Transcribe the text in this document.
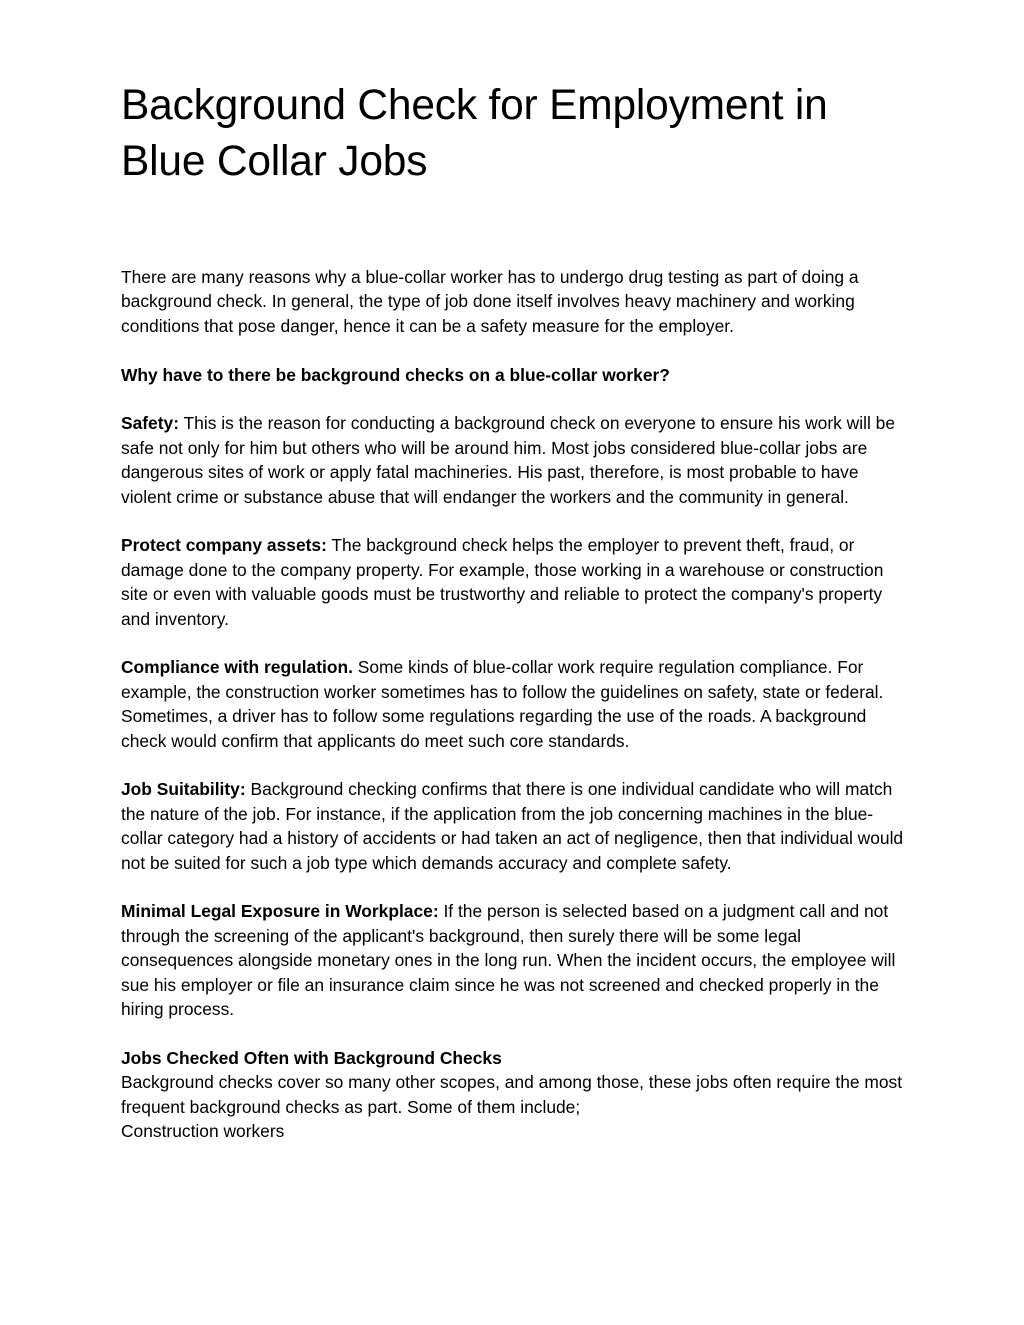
Background Check for Employment in Blue Collar Jobs

There are many reasons why a blue-collar worker has to undergo drug testing as part of doing a background check. In general, the type of job done itself involves heavy machinery and working conditions that pose danger, hence it can be a safety measure for the employer.

Why have to there be background checks on a blue-collar worker?

Safety: This is the reason for conducting a background check on everyone to ensure his work will be safe not only for him but others who will be around him. Most jobs considered blue-collar jobs are dangerous sites of work or apply fatal machineries. His past, therefore, is most probable to have violent crime or substance abuse that will endanger the workers and the community in general.

Protect company assets: The background check helps the employer to prevent theft, fraud, or damage done to the company property. For example, those working in a warehouse or construction site or even with valuable goods must be trustworthy and reliable to protect the company's property and inventory.

Compliance with regulation. Some kinds of blue-collar work require regulation compliance. For example, the construction worker sometimes has to follow the guidelines on safety, state or federal. Sometimes, a driver has to follow some regulations regarding the use of the roads. A background check would confirm that applicants do meet such core standards.

Job Suitability: Background checking confirms that there is one individual candidate who will match the nature of the job. For instance, if the application from the job concerning machines in the blue-collar category had a history of accidents or had taken an act of negligence, then that individual would not be suited for such a job type which demands accuracy and complete safety.

Minimal Legal Exposure in Workplace: If the person is selected based on a judgment call and not through the screening of the applicant's background, then surely there will be some legal consequences alongside monetary ones in the long run. When the incident occurs, the employee will sue his employer or file an insurance claim since he was not screened and checked properly in the hiring process.

Jobs Checked Often with Background Checks

Background checks cover so many other scopes, and among those, these jobs often require the most frequent background checks as part. Some of them include;

Construction workers
